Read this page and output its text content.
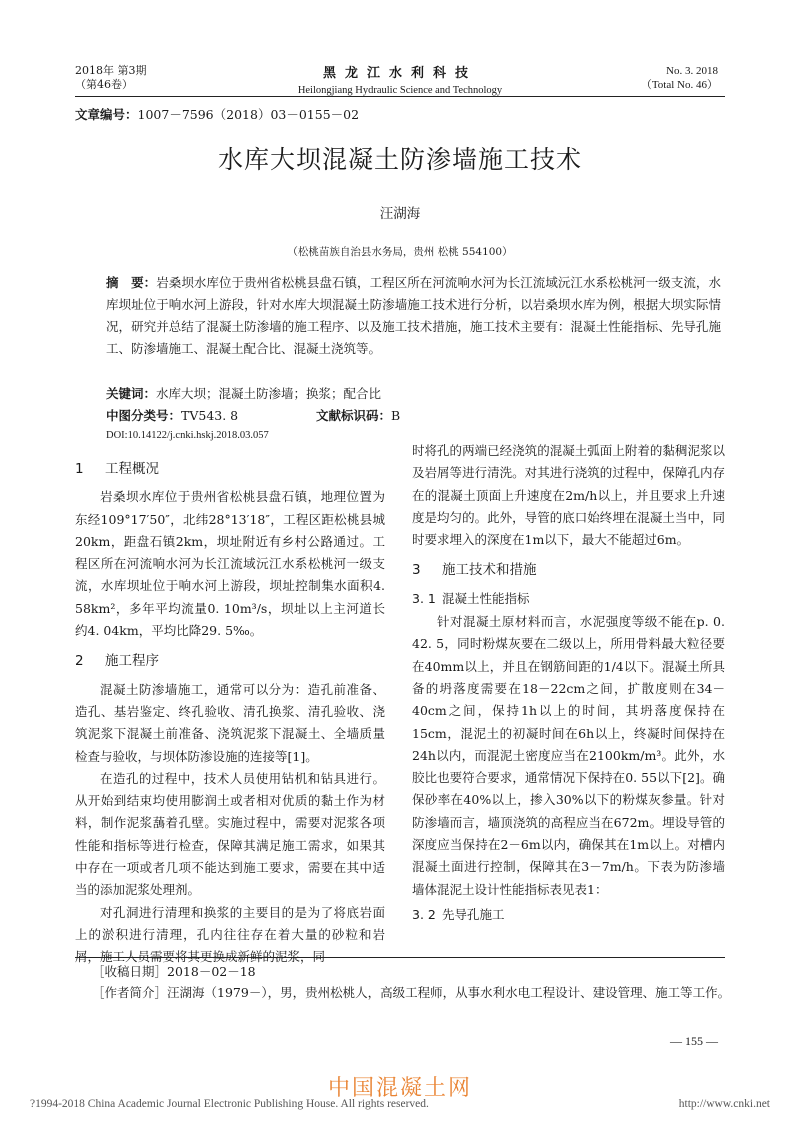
2018年 第3期
（第46卷）
黑龙江水利科技
Heilongjiang Hydraulic Science and Technology
No. 3. 2018
（Total No. 46）
文章编号：1007－7596（2018）03－0155－02
水库大坝混凝土防渗墙施工技术
汪湖海
（松桃苗族自治县水务局，贵州 松桃 554100）
摘　要：岩桑坝水库位于贵州省松桃县盘石镇，工程区所在河流响水河为长江流域沅江水系松桃河一级支流，水库坝址位于响水河上游段，针对水库大坝混凝土防渗墙施工技术进行分析，以岩桑坝水库为例，根据大坝实际情况，研究并总结了混凝土防渗墙的施工程序、以及施工技术措施，施工技术主要有：混凝土性能指标、先导孔施工、防渗墙施工、混凝土配合比、混凝土浇筑等。
关键词：水库大坝；混凝土防渗墙；换浆；配合比
中图分类号：TV543. 8	文献标识码：B
DOI:10.14122/j.cnki.hskj.2018.03.057
1 工程概况

岩桑坝水库位于贵州省松桃县盘石镇，地理位置为东经109°17′50″，北纬28°13′18″，工程区距松桃县城20km，距盘石镇2km，坝址附近有乡村公路通过。工程区所在河流响水河为长江流域沅江水系松桃河一级支流，水库坝址位于响水河上游段，坝址控制集水面积4. 58km²，多年平均流量0. 10m³/s，坝址以上主河道长约4. 04km，平均比降29. 5‰。

2 施工程序

混凝土防渗墙施工，通常可以分为：造孔前准备、造孔、基岩鉴定、终孔验收、清孔换浆、清孔验收、浇筑泥浆下混凝土前准备、浇筑泥浆下混凝土、全墙质量检查与验收，与坝体防渗设施的连接等[1]。

在造孔的过程中，技术人员使用钻机和钻具进行。从开始到结束均使用膨润土或者相对优质的黏土作为材料，制作泥浆䕵着孔壁。实施过程中，需要对泥浆各项性能和指标等进行检查，保障其满足施工需求，如果其中存在一项或者几项不能达到施工要求，需要在其中适当的添加泥浆处理剂。

对孔洞进行清理和换浆的主要目的是为了将底岩面上的淤积进行清理，孔内往往存在着大量的砂粒和岩屑，施工人员需要将其更换成新鲜的泥浆，同

时将孔的两端已经浇筑的混凝土弧面上附着的黏稠泥浆以及岩屑等进行清洗。对其进行浇筑的过程中，保障孔内存在的混凝土顶面上升速度在2m/h以上，并且要求上升速度是均匀的。此外，导管的底口始终埋在混凝土当中，同时要求埋入的深度在1m以下，最大不能超过6m。

3 施工技术和措施
3. 1 混凝土性能指标

针对混凝土原材料而言，水泥强度等级不能在p. 0. 42. 5，同时粉煤灰要在二级以上，所用骨料最大粒径要在40mm以上，并且在钢筋间距的1/4以下。混凝土所具备的坍落度需要在18－22cm之间，扩散度则在34－40cm之间，保持1h以上的时间，其坍落度保持在15cm，混泥土的初凝时间在6h以上，终凝时间保持在24h以内，而混泥土密度应当在2100km/m³。此外，水胶比也要符合要求，通常情况下保持在0. 55以下[2]。确保砂率在40%以上，掺入30%以下的粉煤灰参量。针对防渗墙而言，墙顶浇筑的高程应当在672m。埋设导管的深度应当保持在2－6m以内，确保其在1m以上。对槽内混凝土面进行控制，保障其在3－7m/h。下表为防渗墙墙体混泥土设计性能指标表见表1：

3. 2 先导孔施工
［收稿日期］2018－02－18
［作者简介］ 汪湖海（1979－），男，贵州松桃人，高级工程师，从事水利水电工程设计、建设管理、施工等工作。
— 155 —
中国混凝土网
?1994-2018 China Academic Journal Electronic Publishing House. All rights reserved.	http://www.cnki.net
